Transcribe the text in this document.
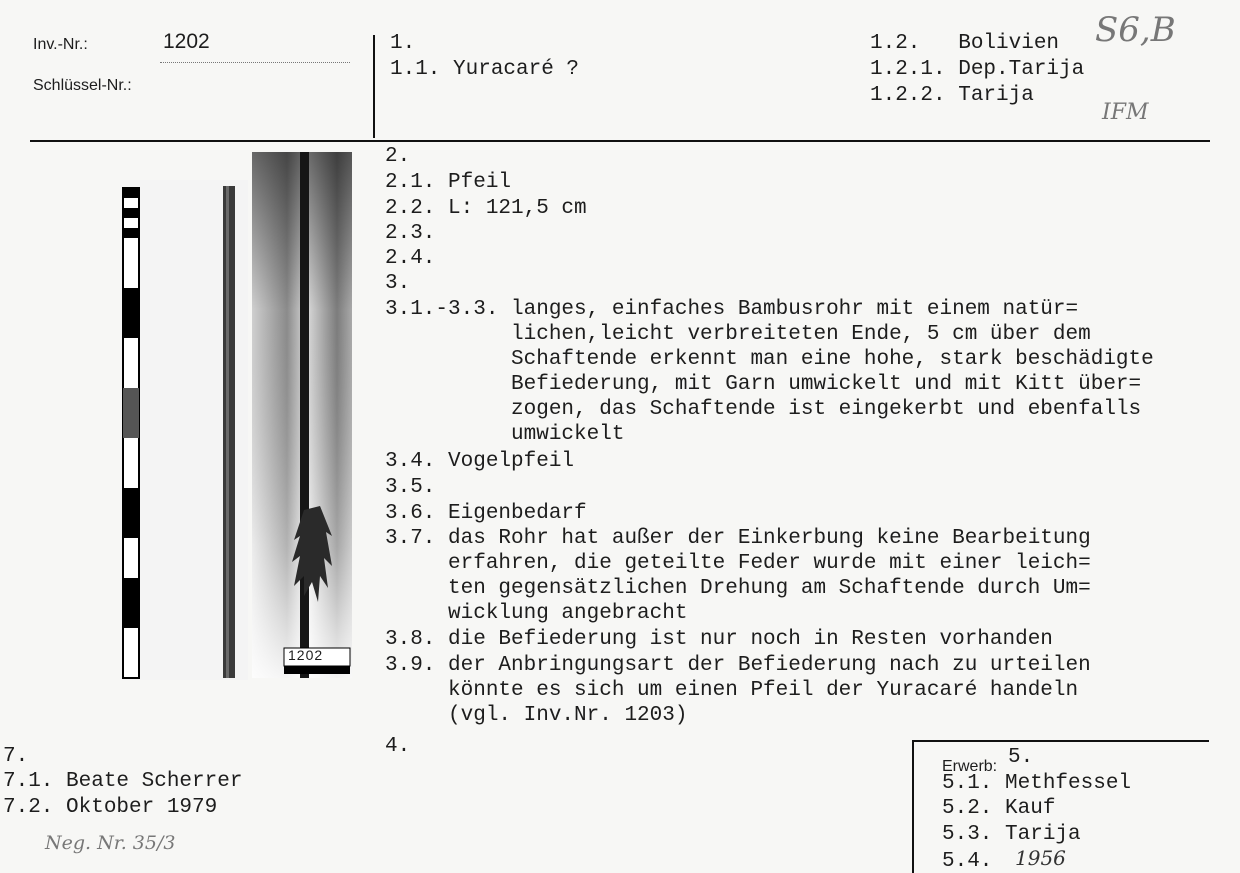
Inv.-Nr.:	1202
Schlüssel-Nr.:
1.
1.1. Yuracaré ?
1.2.   Bolivien
1.2.1. Dep.Tarija
1.2.2. Tarija
S6,B
IFM
1202
2.
2.1. Pfeil
2.2. L: 121,5 cm
2.3.
2.4.
3.
3.1.-3.3. langes, einfaches Bambusrohr mit einem natür=
lichen,leicht verbreiteten Ende, 5 cm über dem
Schaftende erkennt man eine hohe, stark beschädigte
Befiederung, mit Garn umwickelt und mit Kitt über=
zogen, das Schaftende ist eingekerbt und ebenfalls
umwickelt
3.4. Vogelpfeil
3.5.
3.6. Eigenbedarf
3.7. das Rohr hat außer der Einkerbung keine Bearbeitung
erfahren, die geteilte Feder wurde mit einer leich=
ten gegensätzlichen Drehung am Schaftende durch Um=
wicklung angebracht
3.8. die Befiederung ist nur noch in Resten vorhanden
3.9. der Anbringungsart der Befiederung nach zu urteilen
könnte es sich um einen Pfeil der Yuracaré handeln
(vgl. Inv.Nr. 1203)
4.
7.
7.1. Beate Scherrer
7.2. Oktober 1979
Neg. Nr. 35/3
Erwerb: 5.
5.1. Methfessel
5.2. Kauf
5.3. Tarija
5.4. 1956
